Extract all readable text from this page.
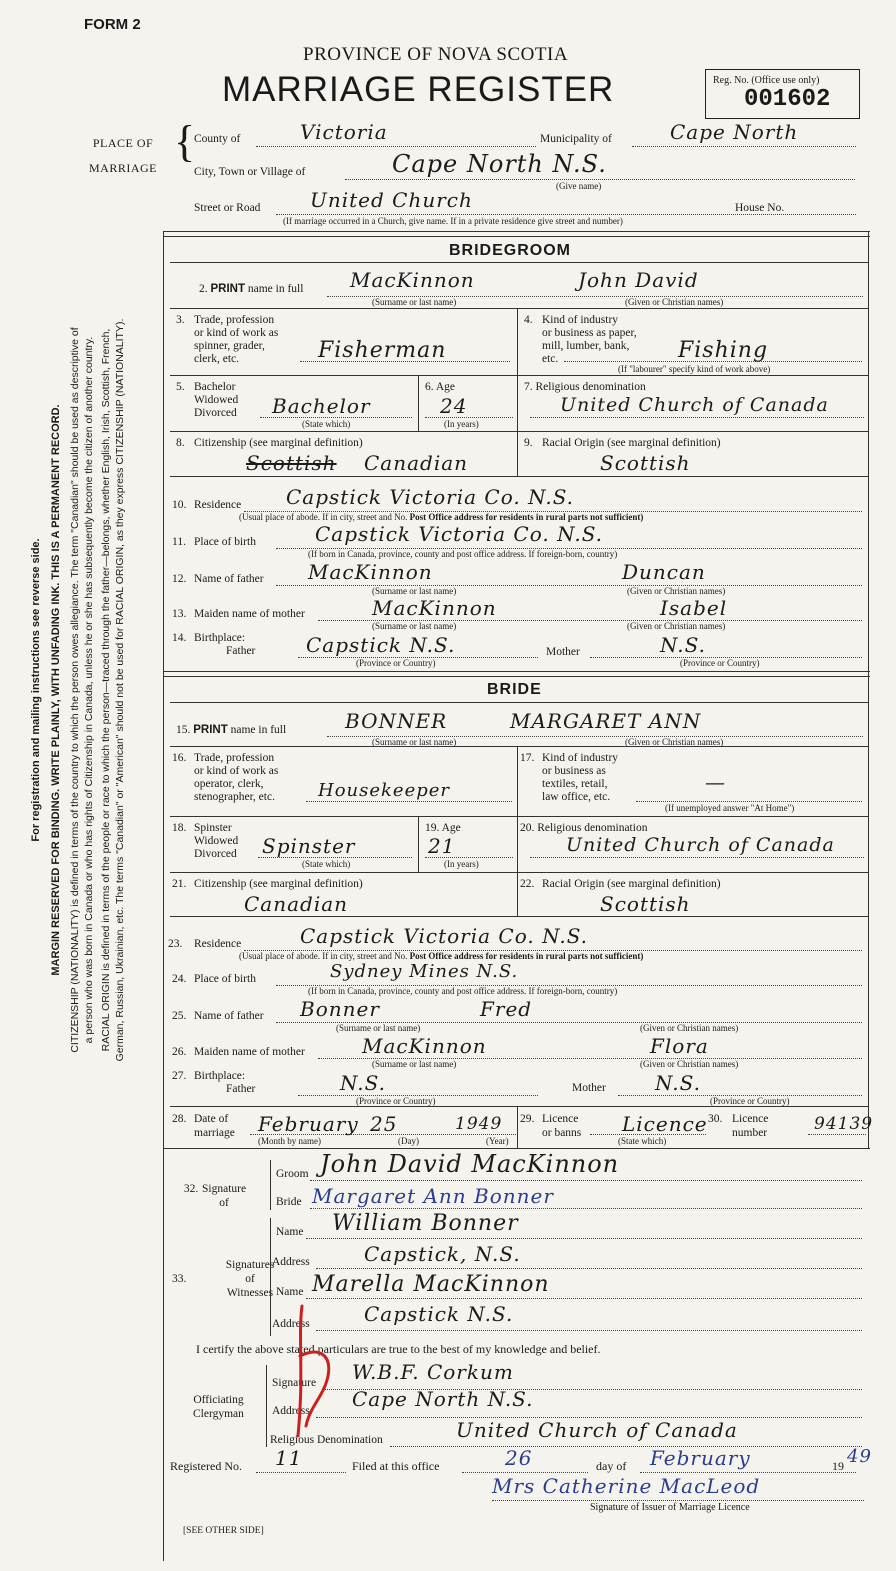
FORM 2
PROVINCE OF NOVA SCOTIA
MARRIAGE REGISTER	Reg. No. (Office use only)
001602
For registration and mailing instructions see reverse side. MARGIN RESERVED FOR BINDING. WRITE PLAINLY, WITH UNFADING INK. THIS IS A PERMANENT RECORD. CITIZENSHIP (NATIONALITY) is defined in terms of the country to which the person owes allegiance. The term "Canadian" should be used as descriptive of a person who was born in Canada or who has rights of Citizenship in Canada, unless he or she has subsequently become the citizen of another country. RACIAL ORIGIN is defined in terms of the people or race to which the person—traced through the father—belongs, whether English, Irish, Scottish, French, German, Russian, Ukrainian, etc. The terms "Canadian" or "American" should not be used for RACIAL ORIGIN, as they express CITIZENSHIP (NATIONALITY).
PLACE OF
MARRIAGE
{
County of	Victoria	Municipality of	Cape North
City, Town or Village of	Cape North N.S.
(Give name)
Street or Road United Church	House No.
(If marriage occurred in a Church, give name. If in a private residence give street and number)
BRIDEGROOM
2. PRINT name in full MacKinnon	John David
(Surname or last name)	(Given or Christian names)
3. Trade, profession
or kind of work as
spinner, grader,
clerk, etc.	Fisherman
4. Kind of industry
or business as paper,
mill, lumber, bank,
etc.	Fishing
(If "labourer" specify kind of work above)
5. Bachelor
Widowed
Divorced Bachelor
(State which)
6. Age
24
(In years)
7. Religious denomination
United Church of Canada
8. Citizenship (see marginal definition)
Scottish Canadian
9. Racial Origin (see marginal definition)
Scottish
10. Residence Capstick Victoria Co. N.S.
(Usual place of abode. If in city, street and No. Post Office address for residents in rural parts not sufficient)
11. Place of birth	Capstick Victoria Co. N.S.
(If born in Canada, province, county and post office address. If foreign-born, country)
12. Name of father MacKinnon	Duncan
(Surname or last name)	(Given or Christian names)
13. Maiden name of mother	MacKinnon	Isabel
(Surname or last name)	(Given or Christian names)
14. Birthplace:
Father	Capstick N.S.	Mother	N.S.
(Province or Country)	(Province or Country)
BRIDE
15. PRINT name in full	BONNER	MARGARET ANN
(Surname or last name)	(Given or Christian names)
16. Trade, profession
or kind of work as
operator, clerk,
stenographer, etc. Housekeeper
17. Kind of industry
or business as
textiles, retail,
law office, etc.
—
(If unemployed answer "At Home")
18. Spinster
Widowed
Divorced Spinster
(State which)
19. Age
21
(In years)
20. Religious denomination
United Church of Canada
21. Citizenship (see marginal definition)
Canadian
22. Racial Origin (see marginal definition)
Scottish
23. Residence	Capstick Victoria Co. N.S.
(Usual place of abode. If in city, street and No. Post Office address for residents in rural parts not sufficient)
24. Place of birth	Sydney Mines N.S.
(If born in Canada, province, county and post office address. If foreign-born, country)
25. Name of father Bonner	Fred
(Surname or last name)	(Given or Christian names)
26. Maiden name of mother	MacKinnon	Flora
(Surname or last name)	(Given or Christian names)
27. Birthplace:
Father	N.S.	Mother N.S.
(Province or Country)	(Province or Country)
28. Date of
marriage February 25	1949
(Month by name)	(Day)	(Year)
29. Licence
or banns Licence
(State which)
30. Licence
number	94139
32. Signature
of
Groom John David MacKinnon
Bride Margaret Ann Bonner
Signatures
33.	of
Witnesses
Name William Bonner
Address	Capstick, N.S.
Name Marella MacKinnon
Address	Capstick N.S.
I certify the above stated particulars are true to the best of my knowledge and belief.
Officiating
Clergyman
Signature W.B.F. Corkum
Address Cape North N.S.
Religious Denomination	United Church of Canada
Registered No. 11	Filed at this office	26	day of February	19 49
Mrs Catherine MacLeod
Signature of Issuer of Marriage Licence
[SEE OTHER SIDE]
